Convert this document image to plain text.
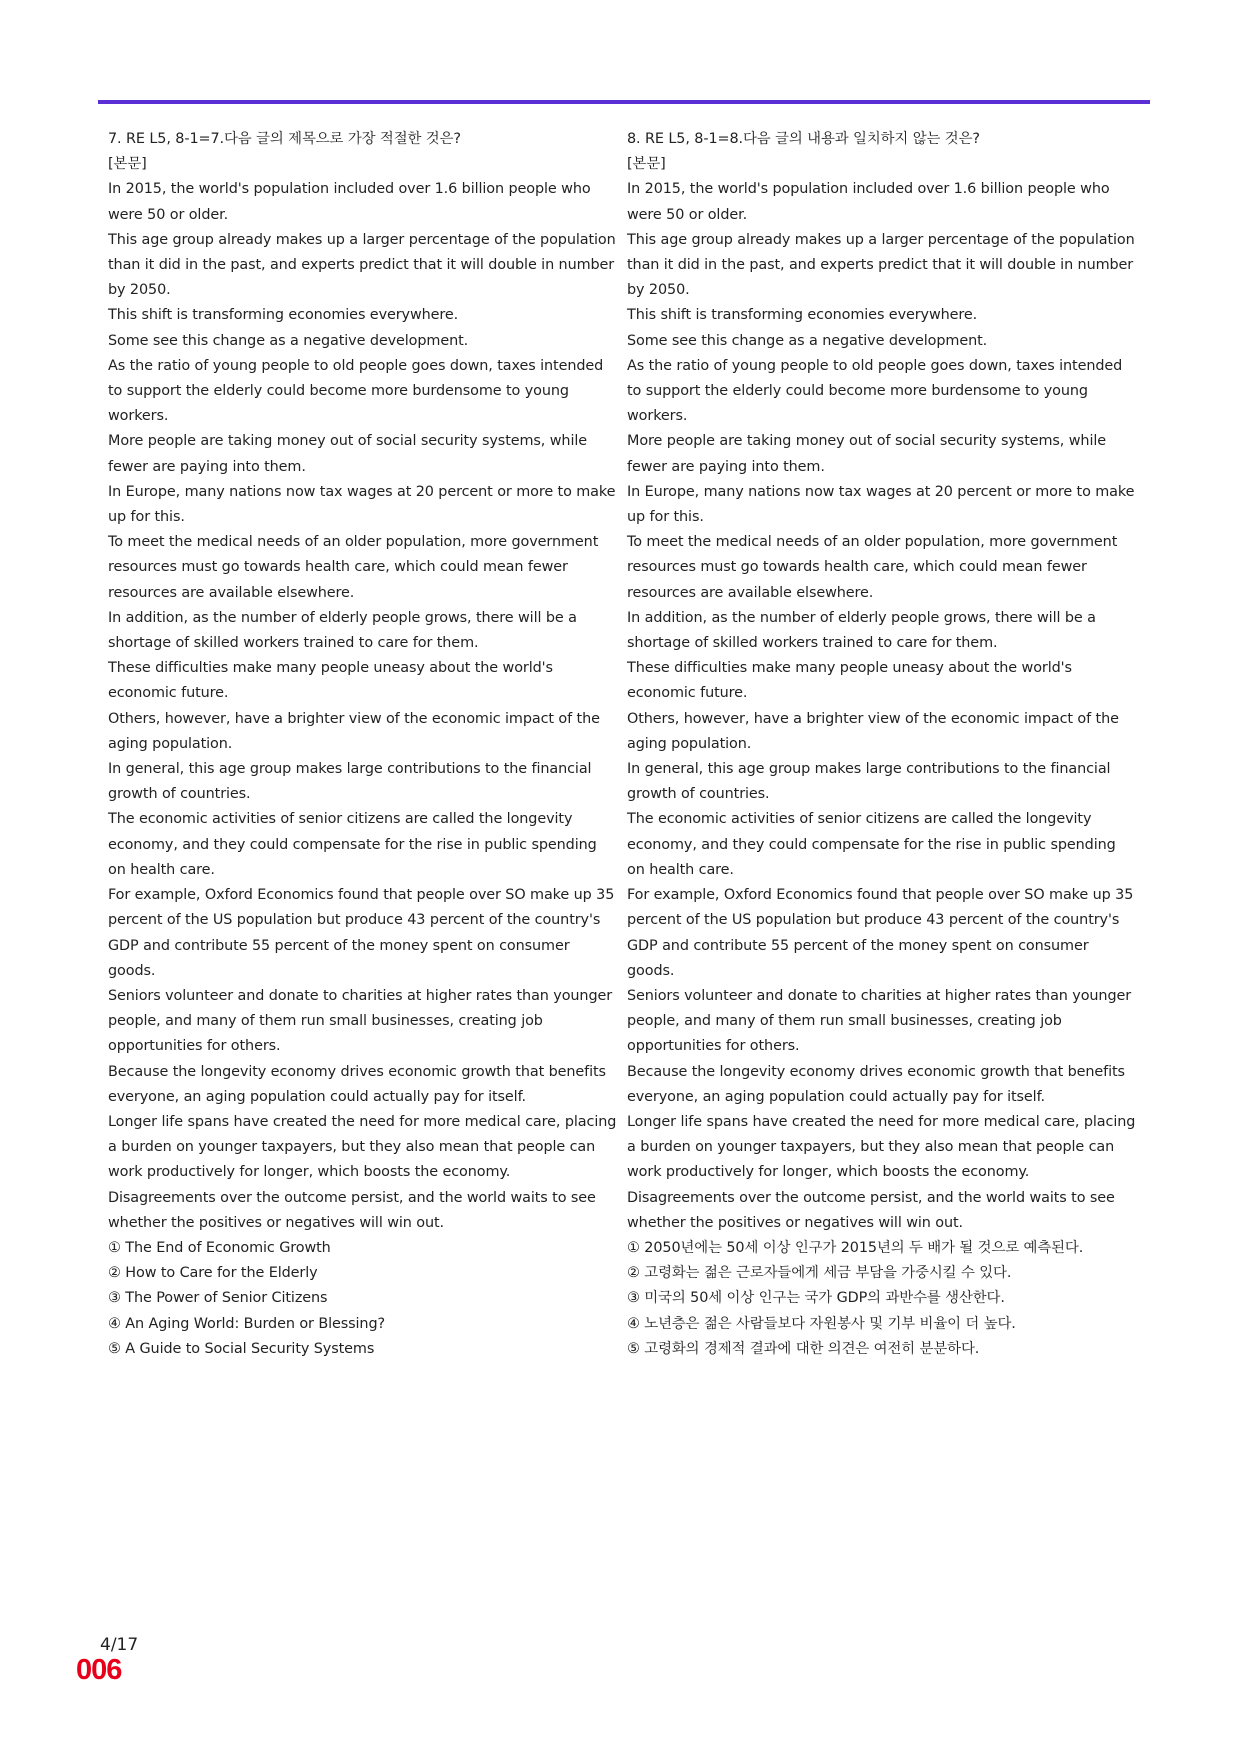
7. RE L5, 8-1=7.다음 글의 제목으로 가장 적절한 것은?

[본문]

In 2015, the world's population included over 1.6 billion people who were 50 or older.

This age group already makes up a larger percentage of the population than it did in the past, and experts predict that it will double in number by 2050.

This shift is transforming economies everywhere.

Some see this change as a negative development.

As the ratio of young people to old people goes down, taxes intended to support the elderly could become more burdensome to young workers.

More people are taking money out of social security systems, while fewer are paying into them.

In Europe, many nations now tax wages at 20 percent or more to make up for this.

To meet the medical needs of an older population, more government resources must go towards health care, which could mean fewer resources are available elsewhere.

In addition, as the number of elderly people grows, there will be a shortage of skilled workers trained to care for them.

These difficulties make many people uneasy about the world's economic future.

Others, however, have a brighter view of the economic impact of the aging population.

In general, this age group makes large contributions to the financial growth of countries.

The economic activities of senior citizens are called the longevity economy, and they could compensate for the rise in public spending on health care.

For example, Oxford Economics found that people over SO make up 35 percent of the US population but produce 43 percent of the country's GDP and contribute 55 percent of the money spent on consumer goods.

Seniors volunteer and donate to charities at higher rates than younger people, and many of them run small businesses, creating job opportunities for others.

Because the longevity economy drives economic growth that benefits everyone, an aging population could actually pay for itself.

Longer life spans have created the need for more medical care, placing a burden on younger taxpayers, but they also mean that people can work productively for longer, which boosts the economy.

Disagreements over the outcome persist, and the world waits to see whether the positives or negatives will win out.

① The End of Economic Growth

② How to Care for the Elderly

③ The Power of Senior Citizens

④ An Aging World: Burden or Blessing?

⑤ A Guide to Social Security Systems

8. RE L5, 8-1=8.다음 글의 내용과 일치하지 않는 것은?

[본문]

In 2015, the world's population included over 1.6 billion people who were 50 or older.

This age group already makes up a larger percentage of the population than it did in the past, and experts predict that it will double in number by 2050.

This shift is transforming economies everywhere.

Some see this change as a negative development.

As the ratio of young people to old people goes down, taxes intended to support the elderly could become more burdensome to young workers.

More people are taking money out of social security systems, while fewer are paying into them.

In Europe, many nations now tax wages at 20 percent or more to make up for this.

To meet the medical needs of an older population, more government resources must go towards health care, which could mean fewer resources are available elsewhere.

In addition, as the number of elderly people grows, there will be a shortage of skilled workers trained to care for them.

These difficulties make many people uneasy about the world's economic future.

Others, however, have a brighter view of the economic impact of the aging population.

In general, this age group makes large contributions to the financial growth of countries.

The economic activities of senior citizens are called the longevity economy, and they could compensate for the rise in public spending on health care.

For example, Oxford Economics found that people over SO make up 35 percent of the US population but produce 43 percent of the country's GDP and contribute 55 percent of the money spent on consumer goods.

Seniors volunteer and donate to charities at higher rates than younger people, and many of them run small businesses, creating job opportunities for others.

Because the longevity economy drives economic growth that benefits everyone, an aging population could actually pay for itself.

Longer life spans have created the need for more medical care, placing a burden on younger taxpayers, but they also mean that people can work productively for longer, which boosts the economy.

Disagreements over the outcome persist, and the world waits to see whether the positives or negatives will win out.

① 2050년에는 50세 이상 인구가 2015년의 두 배가 될 것으로 예측된다.

② 고령화는 젊은 근로자들에게 세금 부담을 가중시킬 수 있다.

③ 미국의 50세 이상 인구는 국가 GDP의 과반수를 생산한다.

④ 노년층은 젊은 사람들보다 자원봉사 및 기부 비율이 더 높다.

⑤ 고령화의 경제적 결과에 대한 의견은 여전히 분분하다.

4/17
006
